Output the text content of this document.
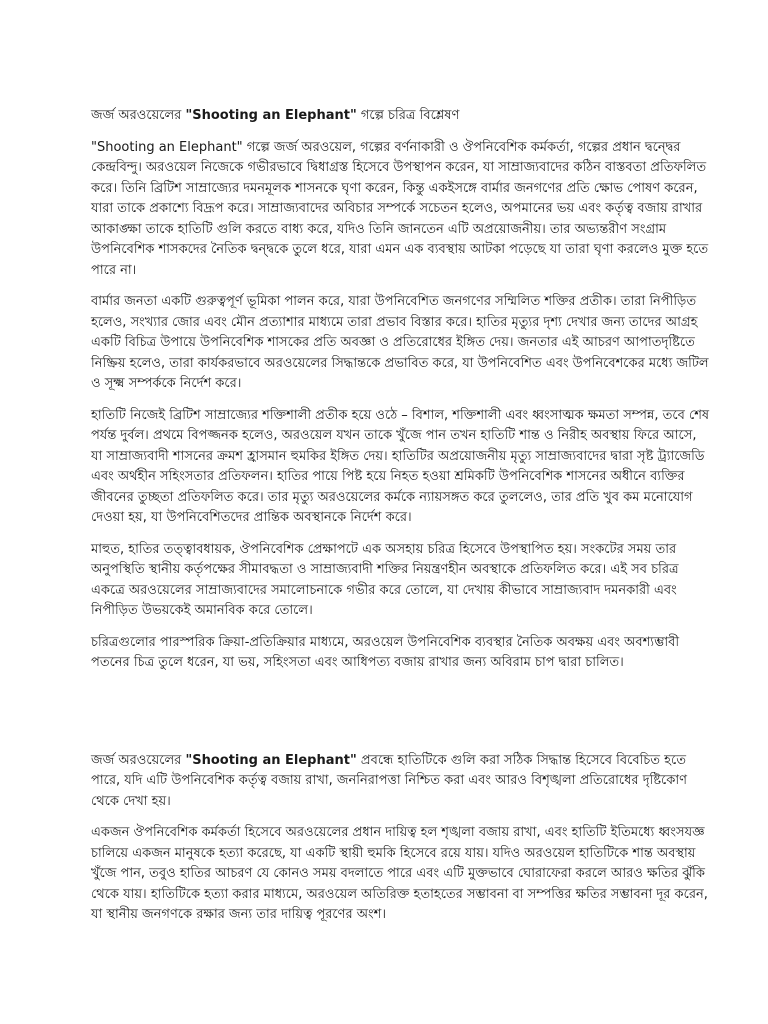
জর্জ অরওয়েলের "Shooting an Elephant" গল্পে চরিত্র বিশ্লেষণ

"Shooting an Elephant" গল্পে জর্জ অরওয়েল, গল্পের বর্ণনাকারী ও ঔপনিবেশিক কর্মকর্তা, গল্পের প্রধান দ্বন্দ্বের কেন্দ্রবিন্দু। অরওয়েল নিজেকে গভীরভাবে দ্বিধাগ্রস্ত হিসেবে উপস্থাপন করেন, যা সাম্রাজ্যবাদের কঠিন বাস্তবতা প্রতিফলিত করে। তিনি ব্রিটিশ সাম্রাজ্যের দমনমূলক শাসনকে ঘৃণা করেন, কিন্তু একইসঙ্গে বার্মার জনগণের প্রতি ক্ষোভ পোষণ করেন, যারা তাকে প্রকাশ্যে বিদ্রূপ করে। সাম্রাজ্যবাদের অবিচার সম্পর্কে সচেতন হলেও, অপমানের ভয় এবং কর্তৃত্ব বজায় রাখার আকাঙ্ক্ষা তাকে হাতিটি গুলি করতে বাধ্য করে, যদিও তিনি জানতেন এটি অপ্রয়োজনীয়। তার অভ্যন্তরীণ সংগ্রাম উপনিবেশিক শাসকদের নৈতিক দ্বন্দ্বকে তুলে ধরে, যারা এমন এক ব্যবস্থায় আটকা পড়েছে যা তারা ঘৃণা করলেও মুক্ত হতে পারে না।

বার্মার জনতা একটি গুরুত্বপূর্ণ ভূমিকা পালন করে, যারা উপনিবেশিত জনগণের সম্মিলিত শক্তির প্রতীক। তারা নিপীড়িত হলেও, সংখ্যার জোর এবং মৌন প্রত্যাশার মাধ্যমে তারা প্রভাব বিস্তার করে। হাতির মৃত্যুর দৃশ্য দেখার জন্য তাদের আগ্রহ একটি বিচিত্র উপায়ে উপনিবেশিক শাসকের প্রতি অবজ্ঞা ও প্রতিরোধের ইঙ্গিত দেয়। জনতার এই আচরণ আপাতদৃষ্টিতে নিষ্ক্রিয় হলেও, তারা কার্যকরভাবে অরওয়েলের সিদ্ধান্তকে প্রভাবিত করে, যা উপনিবেশিত এবং উপনিবেশকের মধ্যে জটিল ও সূক্ষ্ম সম্পর্ককে নির্দেশ করে।

হাতিটি নিজেই ব্রিটিশ সাম্রাজ্যের শক্তিশালী প্রতীক হয়ে ওঠে – বিশাল, শক্তিশালী এবং ধ্বংসাত্মক ক্ষমতা সম্পন্ন, তবে শেষ পর্যন্ত দুর্বল। প্রথমে বিপজ্জনক হলেও, অরওয়েল যখন তাকে খুঁজে পান তখন হাতিটি শান্ত ও নিরীহ অবস্থায় ফিরে আসে, যা সাম্রাজ্যবাদী শাসনের ক্রমশ হ্রাসমান হুমকির ইঙ্গিত দেয়। হাতিটির অপ্রয়োজনীয় মৃত্যু সাম্রাজ্যবাদের দ্বারা সৃষ্ট ট্র্যাজেডি এবং অর্থহীন সহিংসতার প্রতিফলন। হাতির পায়ে পিষ্ট হয়ে নিহত হওয়া শ্রমিকটি উপনিবেশিক শাসনের অধীনে ব্যক্তির জীবনের তুচ্ছতা প্রতিফলিত করে। তার মৃত্যু অরওয়েলের কর্মকে ন্যায়সঙ্গত করে তুললেও, তার প্রতি খুব কম মনোযোগ দেওয়া হয়, যা উপনিবেশিতদের প্রান্তিক অবস্থানকে নির্দেশ করে।

মাহুত, হাতির তত্ত্বাবধায়ক, ঔপনিবেশিক প্রেক্ষাপটে এক অসহায় চরিত্র হিসেবে উপস্থাপিত হয়। সংকটের সময় তার অনুপস্থিতি স্থানীয় কর্তৃপক্ষের সীমাবদ্ধতা ও সাম্রাজ্যবাদী শক্তির নিয়ন্ত্রণহীন অবস্থাকে প্রতিফলিত করে। এই সব চরিত্র একত্রে অরওয়েলের সাম্রাজ্যবাদের সমালোচনাকে গভীর করে তোলে, যা দেখায় কীভাবে সাম্রাজ্যবাদ দমনকারী এবং নিপীড়িত উভয়কেই অমানবিক করে তোলে।

চরিত্রগুলোর পারস্পরিক ক্রিয়া-প্রতিক্রিয়ার মাধ্যমে, অরওয়েল উপনিবেশিক ব্যবস্থার নৈতিক অবক্ষয় এবং অবশ্যম্ভাবী পতনের চিত্র তুলে ধরেন, যা ভয়, সহিংসতা এবং আধিপত্য বজায় রাখার জন্য অবিরাম চাপ দ্বারা চালিত।

জর্জ অরওয়েলের "Shooting an Elephant" প্রবন্ধে হাতিটিকে গুলি করা সঠিক সিদ্ধান্ত হিসেবে বিবেচিত হতে পারে, যদি এটি উপনিবেশিক কর্তৃত্ব বজায় রাখা, জননিরাপত্তা নিশ্চিত করা এবং আরও বিশৃঙ্খলা প্রতিরোধের দৃষ্টিকোণ থেকে দেখা হয়।

একজন ঔপনিবেশিক কর্মকর্তা হিসেবে অরওয়েলের প্রধান দায়িত্ব হল শৃঙ্খলা বজায় রাখা, এবং হাতিটি ইতিমধ্যে ধ্বংসযজ্ঞ চালিয়ে একজন মানুষকে হত্যা করেছে, যা একটি স্থায়ী হুমকি হিসেবে রয়ে যায়। যদিও অরওয়েল হাতিটিকে শান্ত অবস্থায় খুঁজে পান, তবুও হাতির আচরণ যে কোনও সময় বদলাতে পারে এবং এটি মুক্তভাবে ঘোরাফেরা করলে আরও ক্ষতির ঝুঁকি থেকে যায়। হাতিটিকে হত্যা করার মাধ্যমে, অরওয়েল অতিরিক্ত হতাহতের সম্ভাবনা বা সম্পত্তির ক্ষতির সম্ভাবনা দূর করেন, যা স্থানীয় জনগণকে রক্ষার জন্য তার দায়িত্ব পূরণের অংশ।
